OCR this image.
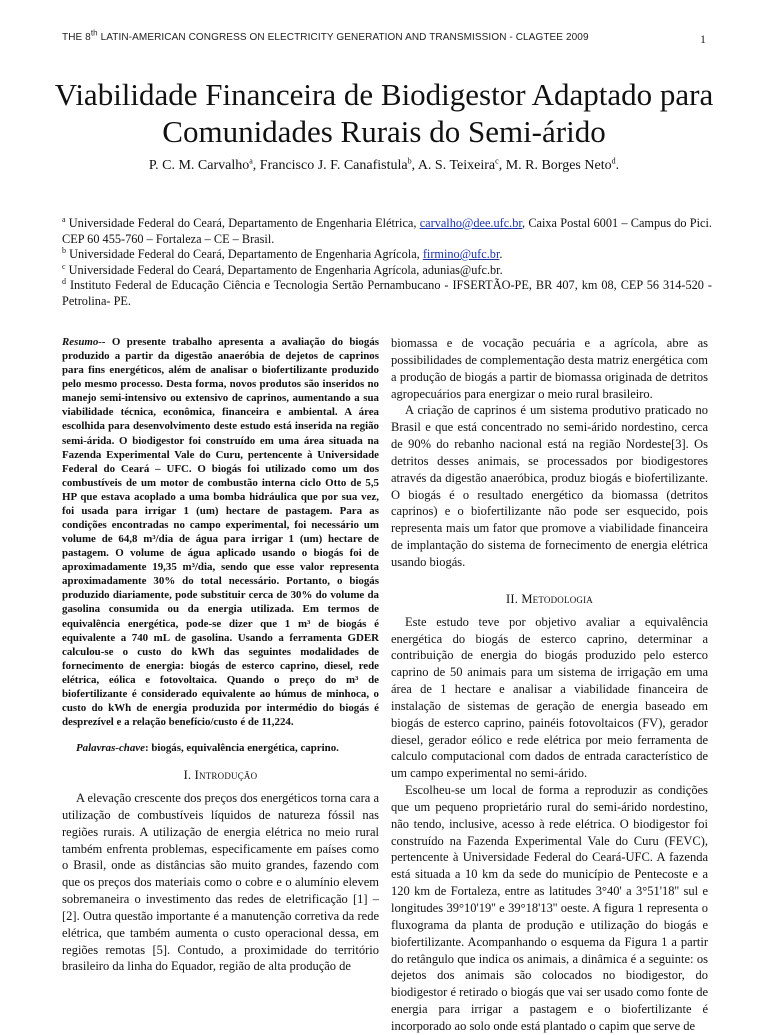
THE 8th LATIN-AMERICAN CONGRESS ON ELECTRICITY GENERATION AND TRANSMISSION - CLAGTEE 2009	1
Viabilidade Financeira de Biodigestor Adaptado para Comunidades Rurais do Semi-árido
P. C. M. Carvalho$^a$, Francisco J. F. Canafistula$^b$, A. S. Teixeira$^c$, M. R. Borges Neto$^d$.

$^a$ Universidade Federal do Ceará, Departamento de Engenharia Elétrica, carvalho@dee.ufc.br, Caixa Postal 6001 – Campus do Pici. CEP 60 455-760 – Fortaleza – CE – Brasil.

$^b$ Universidade Federal do Ceará, Departamento de Engenharia Agrícola, firmino@ufc.br.

$^c$ Universidade Federal do Ceará, Departamento de Engenharia Agrícola, adunias@ufc.br.

$^d$ Instituto Federal de Educação Ciência e Tecnologia Sertão Pernambucano - IFSERTÃO-PE, BR 407, km 08, CEP 56 314-520 - Petrolina- PE.

Resumo-- O presente trabalho apresenta a avaliação do biogás produzido a partir da digestão anaeróbia de dejetos de caprinos para fins energéticos, além de analisar o biofertilizante produzido pelo mesmo processo. Desta forma, novos produtos são inseridos no manejo semi-intensivo ou extensivo de caprinos, aumentando a sua viabilidade técnica, econômica, financeira e ambiental. A área escolhida para desenvolvimento deste estudo está inserida na região semi-árida. O biodigestor foi construído em uma área situada na Fazenda Experimental Vale do Curu, pertencente à Universidade Federal do Ceará – UFC. O biogás foi utilizado como um dos combustíveis de um motor de combustão interna ciclo Otto de 5,5 HP que estava acoplado a uma bomba hidráulica que por sua vez, foi usada para irrigar 1 (um) hectare de pastagem. Para as condições encontradas no campo experimental, foi necessário um volume de 64,8 m³/dia de água para irrigar 1 (um) hectare de pastagem. O volume de água aplicado usando o biogás foi de aproximadamente 19,35 m³/dia, sendo que esse valor representa aproximadamente 30% do total necessário. Portanto, o biogás produzido diariamente, pode substituir cerca de 30% do volume da gasolina consumida ou da energia utilizada. Em termos de equivalência energética, pode-se dizer que 1 m³ de biogás é equivalente a 740 mL de gasolina. Usando a ferramenta GDER calculou-se o custo do kWh das seguintes modalidades de fornecimento de energia: biogás de esterco caprino, diesel, rede elétrica, eólica e fotovoltaica. Quando o preço do m³ de biofertilizante é considerado equivalente ao húmus de minhoca, o custo do kWh de energia produzida por intermédio do biogás é desprezível e a relação benefício/custo é de 11,224.

Palavras-chave: biogás, equivalência energética, caprino.

I. Introdução

A elevação crescente dos preços dos energéticos torna cara a utilização de combustíveis líquidos de natureza fóssil nas regiões rurais. A utilização de energia elétrica no meio rural também enfrenta problemas, especificamente em países como o Brasil, onde as distâncias são muito grandes, fazendo com que os preços dos materiais como o cobre e o alumínio elevem sobremaneira o investimento das redes de eletrificação [1] – [2]. Outra questão importante é a manutenção corretiva da rede elétrica, que também aumenta o custo operacional dessa, em regiões remotas [5]. Contudo, a proximidade do território brasileiro da linha do Equador, região de alta produção de

biomassa e de vocação pecuária e a agrícola, abre as possibilidades de complementação desta matriz energética com a produção de biogás a partir de biomassa originada de detritos agropecuários para energizar o meio rural brasileiro.

A criação de caprinos é um sistema produtivo praticado no Brasil e que está concentrado no semi-árido nordestino, cerca de 90% do rebanho nacional está na região Nordeste[3]. Os detritos desses animais, se processados por biodigestores através da digestão anaeróbica, produz biogás e biofertilizante. O biogás é o resultado energético da biomassa (detritos caprinos) e o biofertilizante não pode ser esquecido, pois representa mais um fator que promove a viabilidade financeira de implantação do sistema de fornecimento de energia elétrica usando biogás.

II. Metodologia

Este estudo teve por objetivo avaliar a equivalência energética do biogás de esterco caprino, determinar a contribuição de energia do biogás produzido pelo esterco caprino de 50 animais para um sistema de irrigação em uma área de 1 hectare e analisar a viabilidade financeira de instalação de sistemas de geração de energia baseado em biogás de esterco caprino, painéis fotovoltaicos (FV), gerador diesel, gerador eólico e rede elétrica por meio ferramenta de calculo computacional com dados de entrada característico de um campo experimental no semi-árido.

Escolheu-se um local de forma a reproduzir as condições que um pequeno proprietário rural do semi-árido nordestino, não tendo, inclusive, acesso à rede elétrica. O biodigestor foi construído na Fazenda Experimental Vale do Curu (FEVC), pertencente à Universidade Federal do Ceará-UFC. A fazenda está situada a 10 km da sede do município de Pentecoste e a 120 km de Fortaleza, entre as latitudes 3°40' a 3°51'18'' sul e longitudes 39°10'19'' e 39°18'13'' oeste. A figura 1 representa o fluxograma da planta de produção e utilização do biogás e biofertilizante. Acompanhando o esquema da Figura 1 a partir do retângulo que indica os animais, a dinâmica é a seguinte: os dejetos dos animais são colocados no biodigestor, do biodigestor é retirado o biogás que vai ser usado como fonte de energia para irrigar a pastagem e o biofertilizante é incorporado ao solo onde está plantado o capim que serve de
